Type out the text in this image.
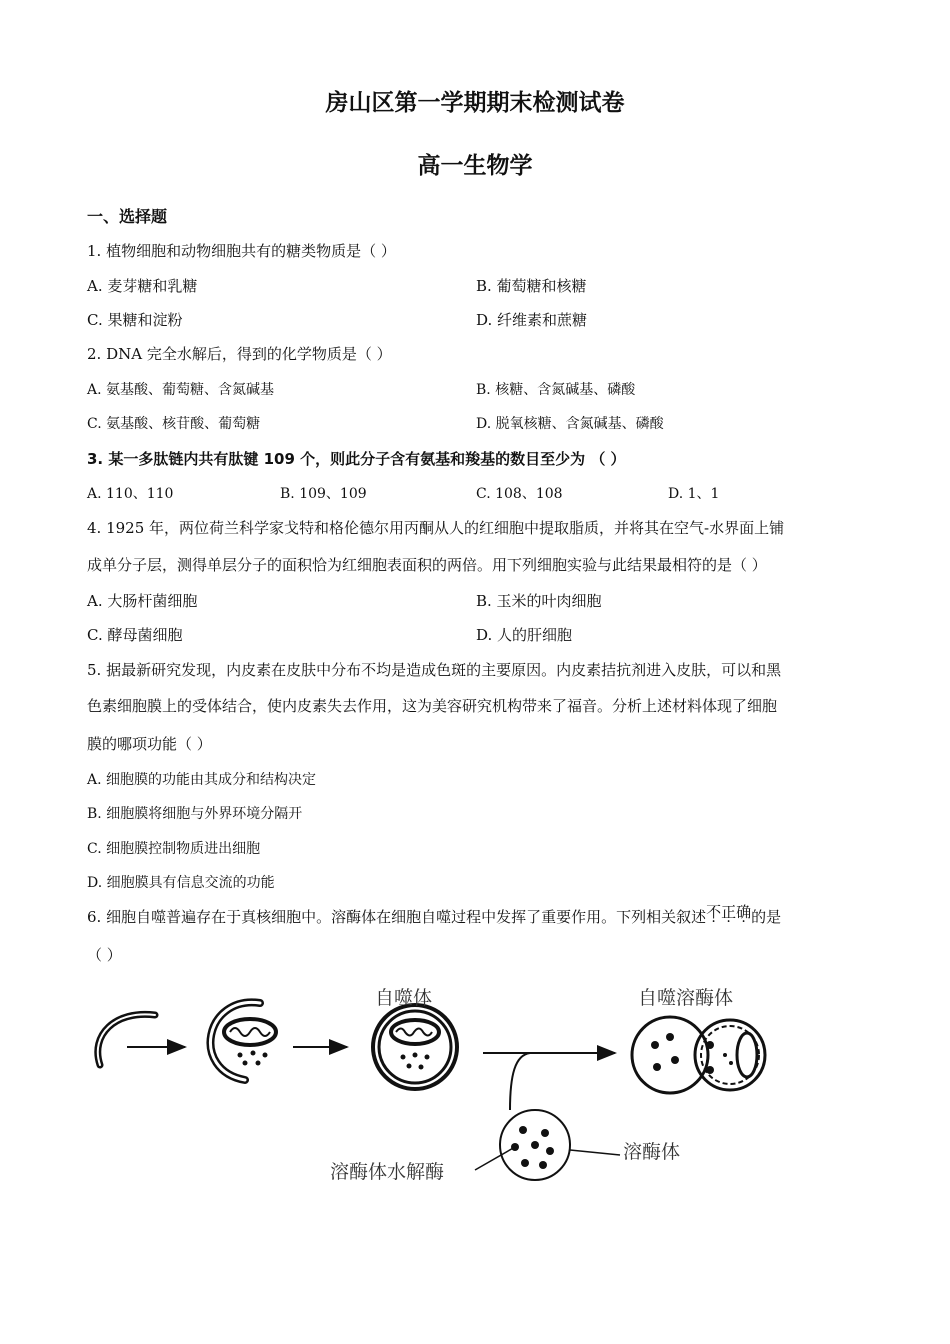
房山区第一学期期末检测试卷
高一生物学
一、选择题
1. 植物细胞和动物细胞共有的糖类物质是（ ）
A. 麦芽糖和乳糖	B. 葡萄糖和核糖
C. 果糖和淀粉	D. 纤维素和蔗糖
2. DNA 完全水解后，得到的化学物质是（ ）
A. 氨基酸、葡萄糖、含氮碱基	B. 核糖、含氮碱基、磷酸
C. 氨基酸、核苷酸、葡萄糖	D. 脱氧核糖、含氮碱基、磷酸
3. 某一多肽链内共有肽键 109 个，则此分子含有氨基和羧基的数目至少为 （ ）
A. 110、110	B. 109、109	C. 108、108	D. 1、1
4. 1925 年，两位荷兰科学家戈特和格伦德尔用丙酮从人的红细胞中提取脂质，并将其在空气-水界面上铺
成单分子层，测得单层分子的面积恰为红细胞表面积的两倍。用下列细胞实验与此结果最相符的是（ ）
A. 大肠杆菌细胞	B. 玉米的叶肉细胞
C. 酵母菌细胞	D. 人的肝细胞
5. 据最新研究发现，内皮素在皮肤中分布不均是造成色斑的主要原因。内皮素拮抗剂进入皮肤，可以和黑
色素细胞膜上的受体结合，使内皮素失去作用，这为美容研究机构带来了福音。分析上述材料体现了细胞
膜的哪项功能（ ）
A. 细胞膜的功能由其成分和结构决定
B. 细胞膜将细胞与外界环境分隔开
C. 细胞膜控制物质进出细胞
D. 细胞膜具有信息交流的功能
6. 细胞自噬普遍存在于真核细胞中。溶酶体在细胞自噬过程中发挥了重要作用。下列相关叙述不正确的是
（ ）
自噬体	自噬溶酶体
溶酶体
溶酶体水解酶
